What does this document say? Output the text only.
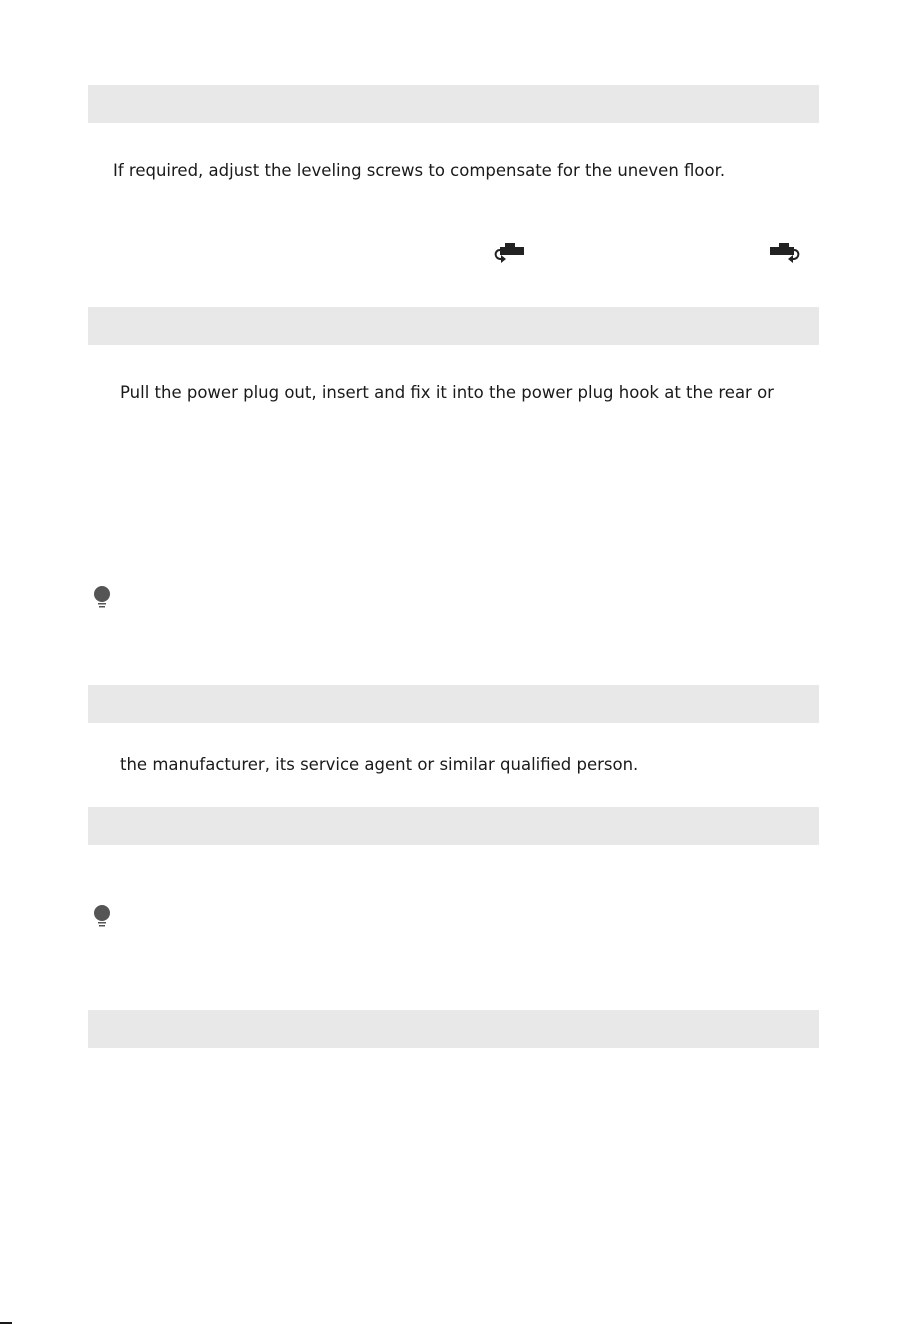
If required, adjust the leveling screws to compensate for the uneven floor.
Pull the power plug out, insert and fix it into the power plug hook at the rear or
the manufacturer, its service agent or similar qualified person.
